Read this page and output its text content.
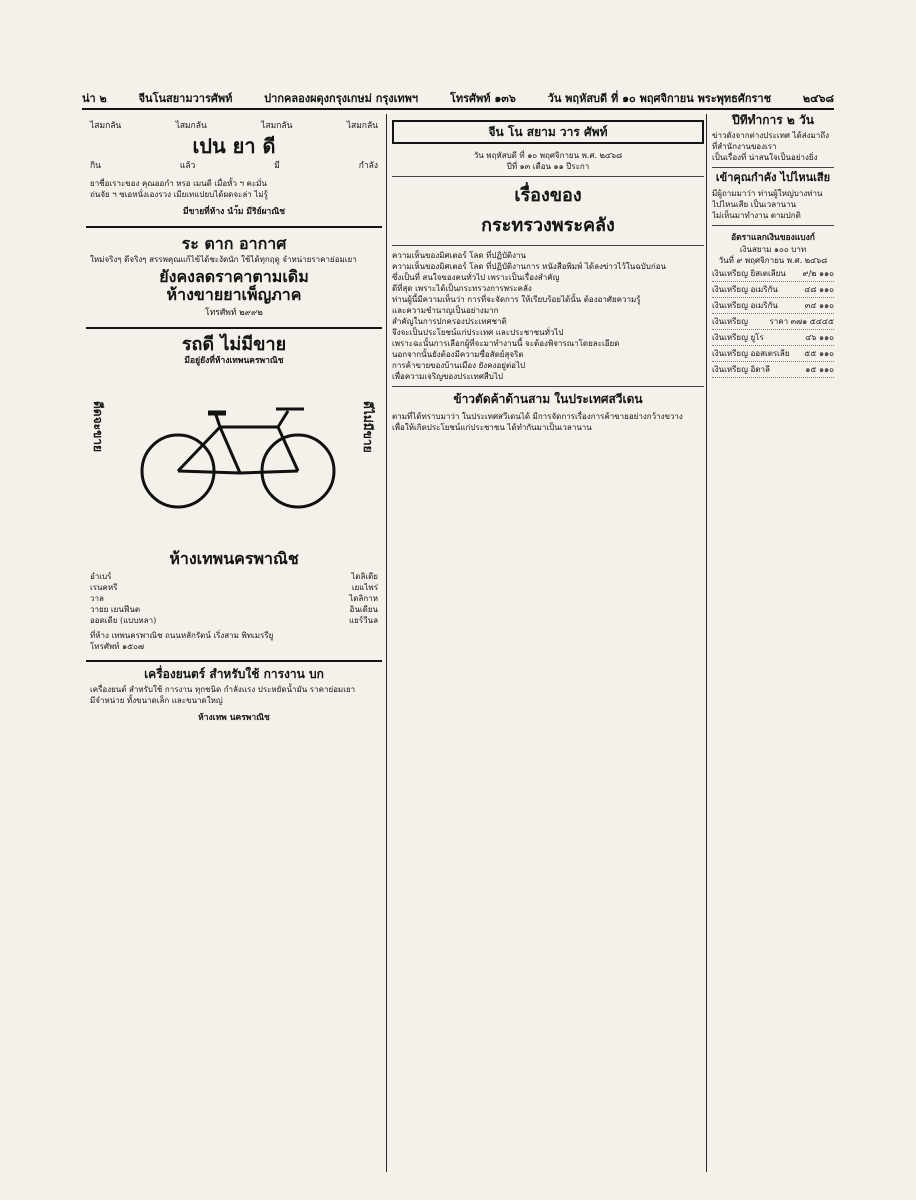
น่า ๒	จีนโนสยามวารศัพท์	ปากคลองผดุงกรุงเกษม่ กรุงเทพฯ	โทรศัพท์ ๑๓๖	วัน พฤหัสบดี ที่ ๑๐ พฤศจิกายน พระพุทธศักราช	๒๔๖๘
ไสมกลัน	ไสมกลัน	ไสมกลัน	ไสมกลัน
เปน ยา ดี
กิน	แล้ว	มี	กำลัง
ยาชื่อเราะของ คุณออกำ หรอ เมนดี เมื่อหั้ว ฯ คะมั่น
ถ่นจัย ฯ ซเอหนั่งเองรวง เมียเทแปยบได้ผดจะล่า ไม่รู้
มีขายที่ห้าง นำ้ม มีริย์ผาณิช
ระ ตาก อากาศ
ใหม่จริงๆ ดีจริงๆ สรรพคุณแก้ไข้ได้ชะงัดนัก ใช้ได้ทุกฤดู จำหน่ายราคาย่อมเยา
ยังคงลดราคาตามเดิม
ห้างขายยาเพ็ญภาค
โทรศัพท์ ๒๙๙๒
รถดี ไม่มีขาย
มีอยู่ยังที่ห้างเทพนครพาณิช
ดีดจะขาย	ดีไม่มีขาย
ห้างเทพนครพาณิช
อำเบร์	ไดลิเดีย
เรนคหรี	เยแไพร่
วาล	ไดลิกาห
วายย เยนฟีนต	อินเดียน
ออดเดีย (แบบหลา)	แยร์วีนล
ที่ห้าง เทพนครพาณิช ถนนหลักรัตน์ เริ่งสาม พิทเมรรียู
โทรศัพท์ ๑๕๐๗
เครื่องยนตร์ สำหรับใช้ การงาน บก
เครื่องยนต์ สำหรับใช้ การงาน ทุกชนิด กำลังแรง ประหยัดน้ำมัน ราคาย่อมเยา
มีจำหน่าย ทั้งขนาดเล็ก และขนาดใหญ่
ห้างเทพ นครพาณิช
จีน โน สยาม วาร ศัพท์
วัน พฤหัสบดี ที่ ๑๐ พฤศจิกายน พ.ศ. ๒๔๖๘
ปีที่ ๑๓ เดือน ๑๑ ปีระกา
เรื่องของ
กระทรวงพระคลัง
ความเห็นของมิศเตอร์ โลด ที่ปฏิบัติงาน
ความเห็นของมิศเตอร์ โลด ที่ปฏิบัติงานการ หนังสือพิมพ์ ได้ลงข่าวไว้ในฉบับก่อน
ซึ่งเป็นที่ สนใจของคนทั่วไป เพราะเป็นเรื่องสำคัญ
ดีที่สุด เพราะได้เป็นกระทรวงการพระคลัง
ท่านผู้นี้มีความเห็นว่า การที่จะจัดการ ให้เรียบร้อยได้นั้น ต้องอาศัยความรู้
และความชำนาญเป็นอย่างมาก
สำคัญในการปกครองประเทศชาติ
จึงจะเป็นประโยชน์แก่ประเทศ และประชาชนทั่วไป
เพราะฉะนั้นการเลือกผู้ที่จะมาทำงานนี้ จะต้องพิจารณาโดยละเอียด
นอกจากนั้นยังต้องมีความซื่อสัตย์สุจริต
การค้าขายของบ้านเมือง ยังคงอยู่ต่อไป
เพื่อความเจริญของประเทศสืบไป
ข้าวตัดค้าด้านสาม ในประเทศสวีเดน
ตามที่ได้ทราบมาว่า ในประเทศสวีเดนได้ มีการจัดการเรื่องการค้าขายอย่างกว้างขวาง
เพื่อให้เกิดประโยชน์แก่ประชาชน ได้ทำกันมาเป็นเวลานาน
ปีที่ทำการ ๒ วัน
ข่าวดังจากต่างประเทศ ได้ส่งมาถึง ที่สำนักงานของเรา
เป็นเรื่องที่ น่าสนใจเป็นอย่างยิ่ง
เข้าคุณกำคัง ไปไหนเสีย
มีผู้ถามมาว่า ท่านผู้ใหญ่บางท่าน ไปไหนเสีย เป็นเวลานาน
ไม่เห็นมาทำงาน ตามปกติ
อัตราแลกเงินของแบงก์
เงินสยาม ๑๐๐ บาท
วันที่ ๙ พฤศจิกายน พ.ศ. ๒๔๖๘
เงินเหรียญ ยิสเตเลียน ๙/๒ ๑๑๐
เงินเหรียญ อเมริกัน	๔๘ ๑๑๐
เงินเหรียญ อเมริกัน	๓๔ ๑๑๐
เงินเหรียญ	ราคา ๓๗๑ ๕๔๔๕
เงินเหรียญ ยูโร	๔๖ ๑๑๐
เงินเหรียญ ออสเตรเลีย ๕๕ ๑๑๐
เงินเหรียญ อิตาลี	๑๕ ๑๑๐
